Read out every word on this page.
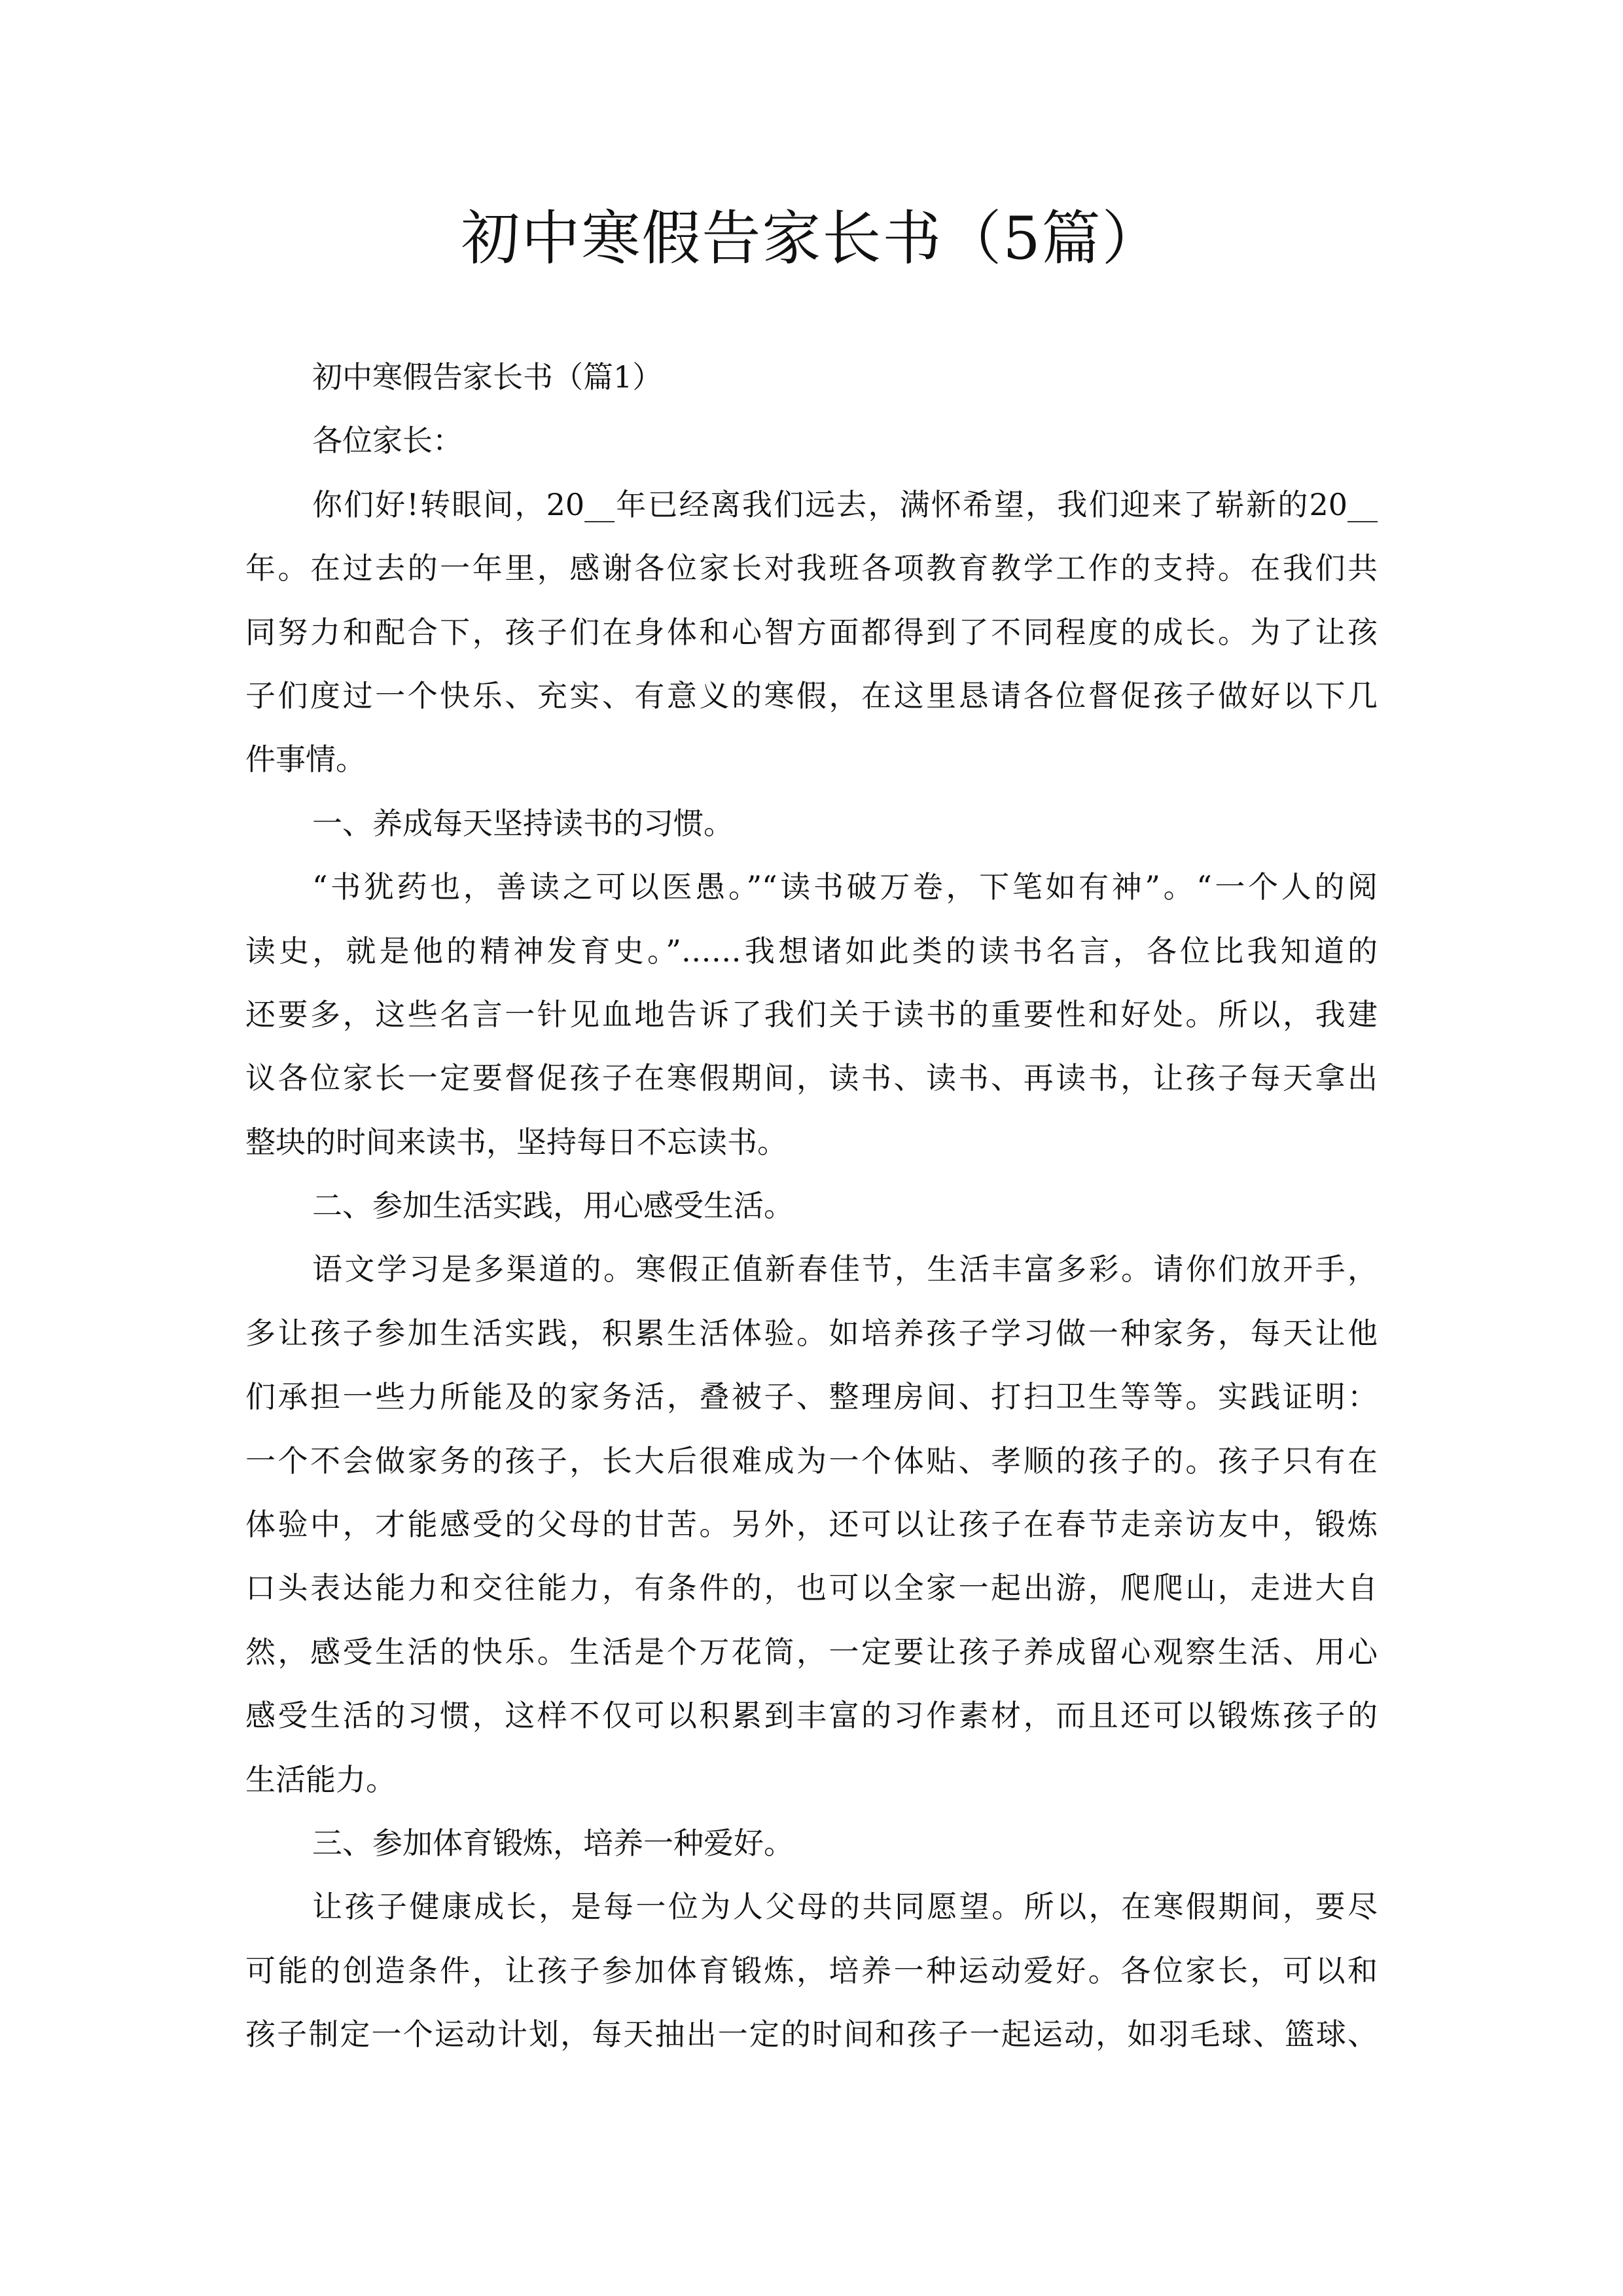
初中寒假告家长书（5篇）
初中寒假告家长书（篇1）
各位家长：
你们好!转眼间，20__年已经离我们远去，满怀希望，我们迎来了崭新的20__
年。在过去的一年里，感谢各位家长对我班各项教育教学工作的支持。在我们共
同努力和配合下，孩子们在身体和心智方面都得到了不同程度的成长。为了让孩
子们度过一个快乐、充实、有意义的寒假，在这里恳请各位督促孩子做好以下几
件事情。
一、养成每天坚持读书的习惯。
“书犹药也，善读之可以医愚。”“读书破万卷，下笔如有神”。“一个人的阅
读史，就是他的精神发育史。”……我想诸如此类的读书名言，各位比我知道的
还要多，这些名言一针见血地告诉了我们关于读书的重要性和好处。所以，我建
议各位家长一定要督促孩子在寒假期间，读书、读书、再读书，让孩子每天拿出
整块的时间来读书，坚持每日不忘读书。
二、参加生活实践，用心感受生活。
语文学习是多渠道的。寒假正值新春佳节，生活丰富多彩。请你们放开手，
多让孩子参加生活实践，积累生活体验。如培养孩子学习做一种家务，每天让他
们承担一些力所能及的家务活，叠被子、整理房间、打扫卫生等等。实践证明：
一个不会做家务的孩子，长大后很难成为一个体贴、孝顺的孩子的。孩子只有在
体验中，才能感受的父母的甘苦。另外，还可以让孩子在春节走亲访友中，锻炼
口头表达能力和交往能力，有条件的，也可以全家一起出游，爬爬山，走进大自
然，感受生活的快乐。生活是个万花筒，一定要让孩子养成留心观察生活、用心
感受生活的习惯，这样不仅可以积累到丰富的习作素材，而且还可以锻炼孩子的
生活能力。
三、参加体育锻炼，培养一种爱好。
让孩子健康成长，是每一位为人父母的共同愿望。所以，在寒假期间，要尽
可能的创造条件，让孩子参加体育锻炼，培养一种运动爱好。各位家长，可以和
孩子制定一个运动计划，每天抽出一定的时间和孩子一起运动，如羽毛球、篮球、
